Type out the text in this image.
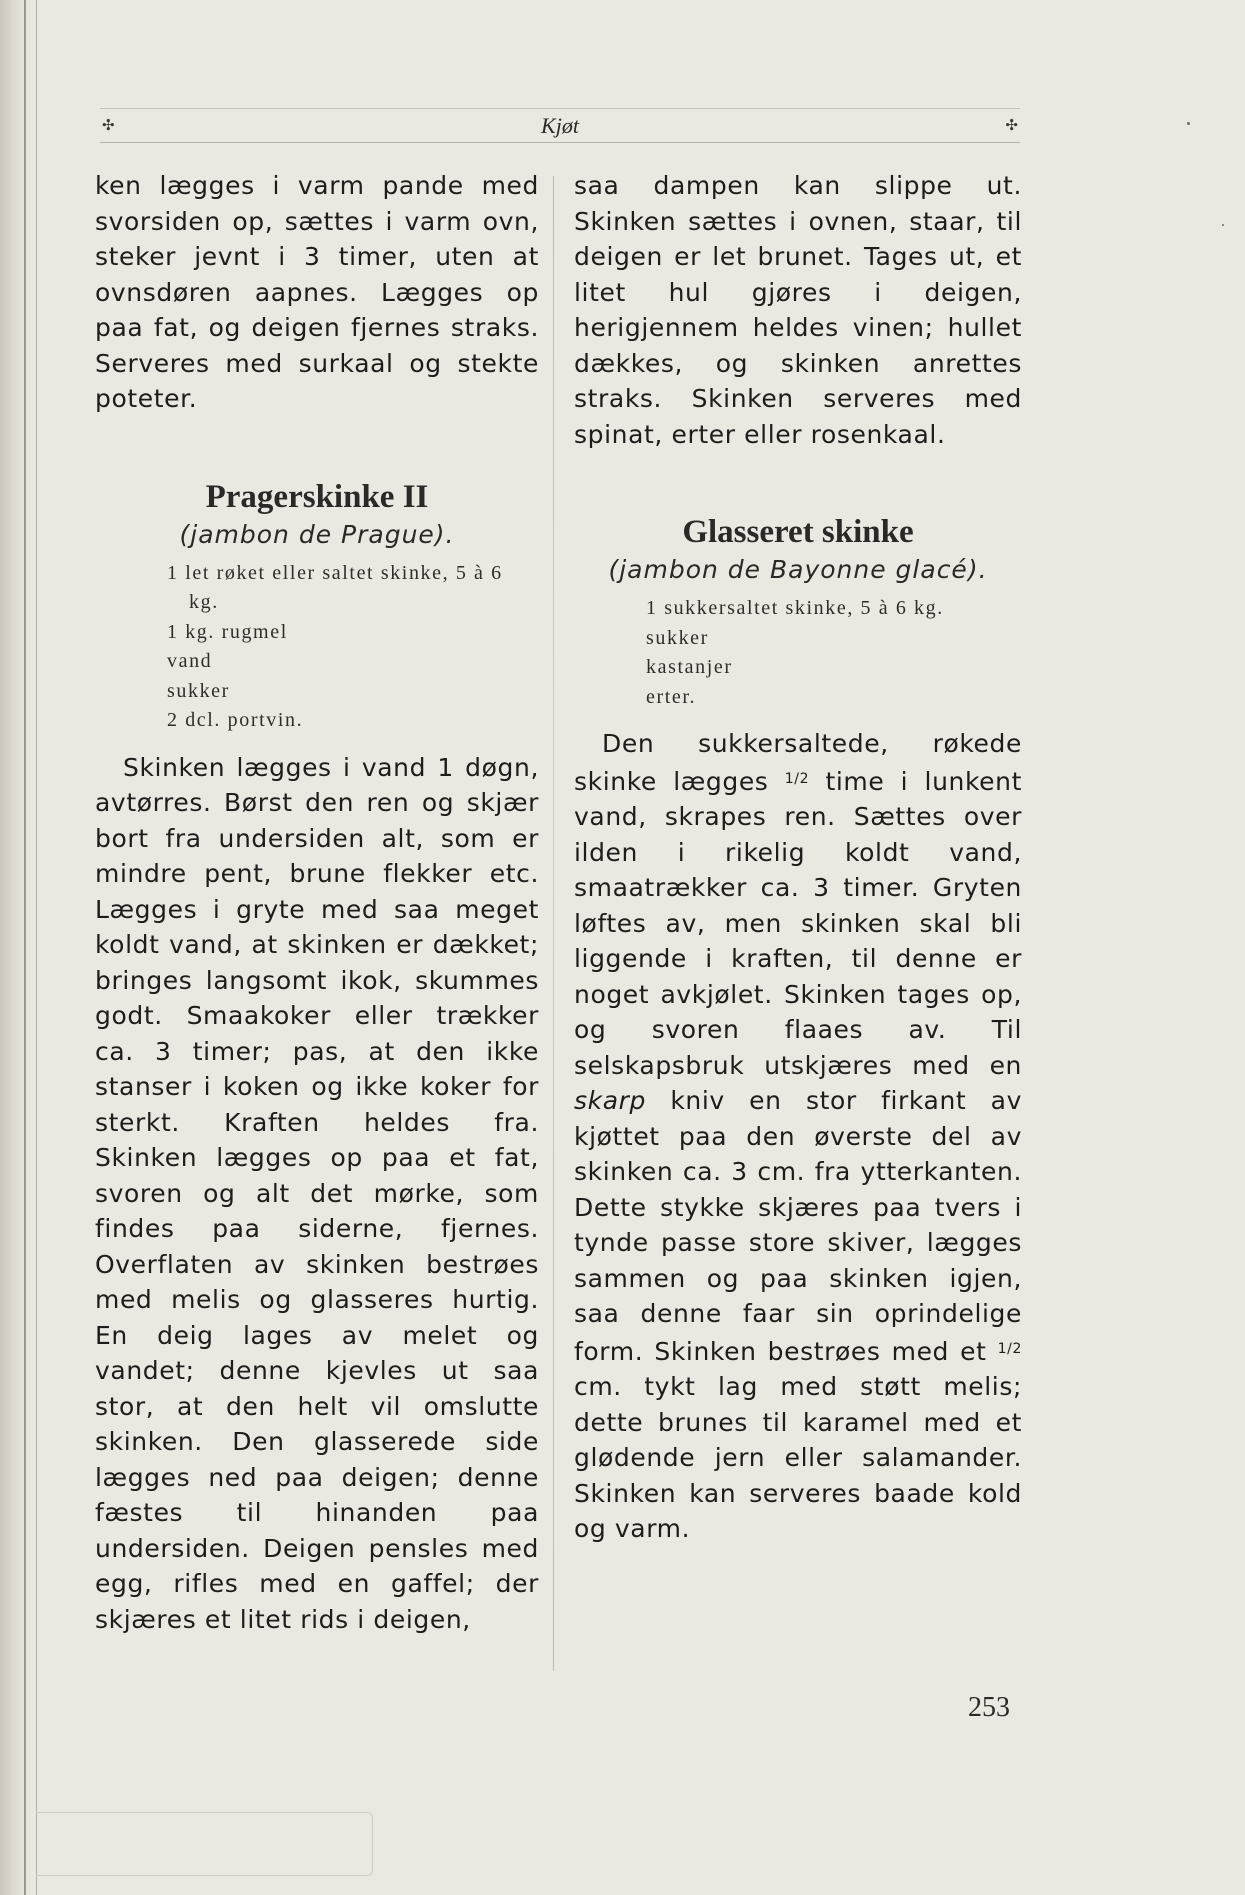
✣	Kjøt	✣

ken lægges i varm pande med svorsiden op, sættes i varm ovn, steker jevnt i 3 timer, uten at ovnsdøren aapnes. Lægges op paa fat, og deigen fjernes straks. Serveres med surkaal og stekte poteter.

Pragerskinke II

(jambon de Prague).

1 let røket eller saltet skinke, 5 à 6 kg.
1 kg. rugmel
vand
sukker
2 dcl. portvin.

Skinken lægges i vand 1 døgn, avtørres. Børst den ren og skjær bort fra undersiden alt, som er mindre pent, brune flekker etc. Lægges i gryte med saa meget koldt vand, at skinken er dækket; bringes langsomt ikok, skummes godt. Smaakoker eller trækker ca. 3 timer; pas, at den ikke stanser i koken og ikke koker for sterkt. Kraften heldes fra. Skinken lægges op paa et fat, svoren og alt det mørke, som findes paa siderne, fjernes. Overflaten av skinken bestrøes med melis og glasseres hurtig. En deig lages av melet og vandet; denne kjevles ut saa stor, at den helt vil omslutte skinken. Den glasserede side lægges ned paa deigen; denne fæstes til hinanden paa undersiden. Deigen pensles med egg, rifles med en gaffel; der skjæres et litet rids i deigen,

saa dampen kan slippe ut. Skinken sættes i ovnen, staar, til deigen er let brunet. Tages ut, et litet hul gjøres i deigen, herigjennem heldes vinen; hullet dækkes, og skinken anrettes straks. Skinken serveres med spinat, erter eller rosenkaal.

Glasseret skinke

(jambon de Bayonne glacé).

1 sukkersaltet skinke, 5 à 6 kg.
sukker
kastanjer
erter.

Den sukkersaltede, røkede skinke lægges $^{1/2}$ time i lunkent vand, skrapes ren. Sættes over ilden i rikelig koldt vand, smaatrækker ca. 3 timer. Gryten løftes av, men skinken skal bli liggende i kraften, til denne er noget avkjølet. Skinken tages op, og svoren flaaes av. Til selskapsbruk utskjæres med en skarp kniv en stor firkant av kjøttet paa den øverste del av skinken ca. 3 cm. fra ytterkanten. Dette stykke skjæres paa tvers i tynde passe store skiver, lægges sammen og paa skinken igjen, saa denne faar sin oprindelige form. Skinken bestrøes med et $^{1/2}$ cm. tykt lag med støtt melis; dette brunes til karamel med et glødende jern eller salamander. Skinken kan serveres baade kold og varm.

253
